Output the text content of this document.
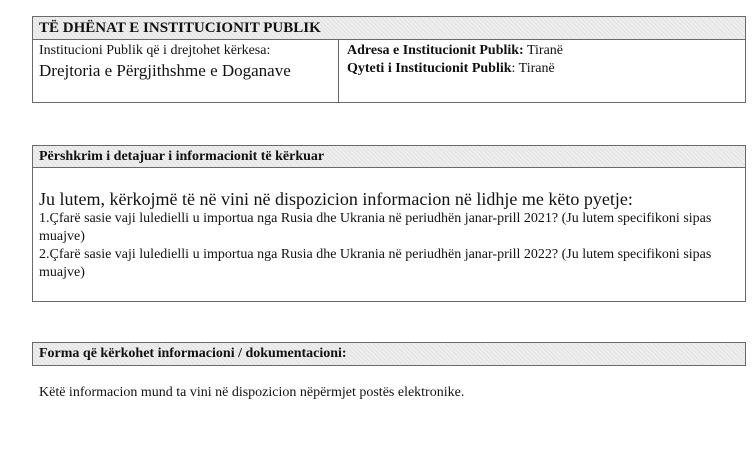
TË DHËNAT E INSTITUCIONIT PUBLIK
Institucioni Publik që i drejtohet kërkesa:
Drejtoria e Përgjithshme e Doganave
Adresa e Institucionit Publik: Tiranë
Qyteti i Institucionit Publik: Tiranë
Përshkrim i detajuar i informacionit të kërkuar

Ju lutem, kërkojmë të në vini në dispozicion informacion në lidhje me këto pyetje:

1.Çfarë sasie vaji luledielli u importua nga Rusia dhe Ukrania në periudhën janar-prill 2021? (Ju lutem specifikoni sipas muajve)

2.Çfarë sasie vaji luledielli u importua nga Rusia dhe Ukrania në periudhën janar-prill 2022? (Ju lutem specifikoni sipas muajve)

Forma që kërkohet informacioni / dokumentacioni:
Këtë informacion mund ta vini në dispozicion nëpërmjet postës elektronike.
